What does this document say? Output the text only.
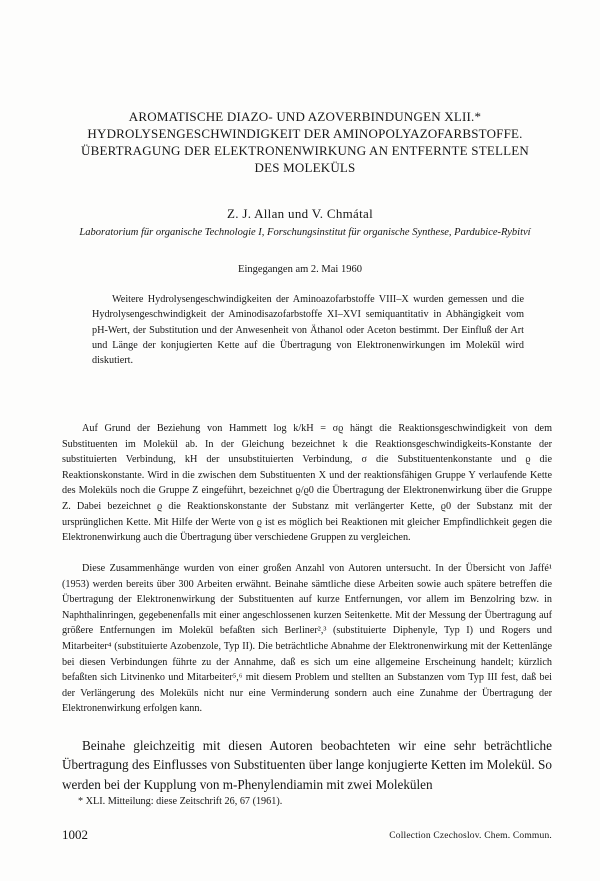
AROMATISCHE DIAZO- UND AZOVERBINDUNGEN XLII.*
HYDROLYSENGESCHWINDIGKEIT DER AMINOPOLYAZOFARBSTOFFE.
ÜBERTRAGUNG DER ELEKTRONENWIRKUNG AN ENTFERNTE STELLEN
DES MOLEKÜLS
Z. J. Allan und V. Chmátal
Laboratorium für organische Technologie I, Forschungsinstitut für organische Synthese, Pardubice-Rybitví
Eingegangen am 2. Mai 1960
Weitere Hydrolysengeschwindigkeiten der Aminoazofarbstoffe VIII–X wurden gemessen und die Hydrolysengeschwindigkeit der Aminodisazofarbstoffe XI–XVI semiquantitativ in Abhängigkeit vom pH-Wert, der Substitution und der Anwesenheit von Äthanol oder Aceton bestimmt. Der Einfluß der Art und Länge der konjugierten Kette auf die Übertragung von Elektronenwirkungen im Molekül wird diskutiert.
Auf Grund der Beziehung von Hammett log k/kH = σϱ hängt die Reaktionsgeschwindigkeit von dem Substituenten im Molekül ab. In der Gleichung bezeichnet k die Reaktionsgeschwindigkeits-Konstante der substituierten Verbindung, kH der unsubstituierten Verbindung, σ die Substituentenkonstante und ϱ die Reaktionskonstante. Wird in die zwischen dem Substituenten X und der reaktionsfähigen Gruppe Y verlaufende Kette des Moleküls noch die Gruppe Z eingeführt, bezeichnet ϱ/ϱ0 die Übertragung der Elektronenwirkung über die Gruppe Z. Dabei bezeichnet ϱ die Reaktionskonstante der Substanz mit verlängerter Kette, ϱ0 der Substanz mit der ursprünglichen Kette. Mit Hilfe der Werte von ϱ ist es möglich bei Reaktionen mit gleicher Empfindlichkeit gegen die Elektronenwirkung auch die Übertragung über verschiedene Gruppen zu vergleichen.
Diese Zusammenhänge wurden von einer großen Anzahl von Autoren untersucht. In der Übersicht von Jaffé¹ (1953) werden bereits über 300 Arbeiten erwähnt. Beinahe sämtliche diese Arbeiten sowie auch spätere betreffen die Übertragung der Elektronenwirkung der Substituenten auf kurze Entfernungen, vor allem im Benzolring bzw. in Naphthalinringen, gegebenenfalls mit einer angeschlossenen kurzen Seitenkette. Mit der Messung der Übertragung auf größere Entfernungen im Molekül befaßten sich Berliner²,³ (substituierte Diphenyle, Typ I) und Rogers und Mitarbeiter⁴ (substituierte Azobenzole, Typ II). Die beträchtliche Abnahme der Elektronenwirkung mit der Kettenlänge bei diesen Verbindungen führte zu der Annahme, daß es sich um eine allgemeine Erscheinung handelt; kürzlich befaßten sich Litvinenko und Mitarbeiter⁵,⁶ mit diesem Problem und stellten an Substanzen vom Typ III fest, daß bei der Verlängerung des Moleküls nicht nur eine Verminderung sondern auch eine Zunahme der Übertragung der Elektronenwirkung erfolgen kann.
Beinahe gleichzeitig mit diesen Autoren beobachteten wir eine sehr beträchtliche Übertragung des Einflusses von Substituenten über lange konjugierte Ketten im Molekül. So werden bei der Kupplung von m-Phenylendiamin mit zwei Molekülen
* XLI. Mitteilung: diese Zeitschrift 26, 67 (1961).
1002	Collection Czechoslov. Chem. Commun.
